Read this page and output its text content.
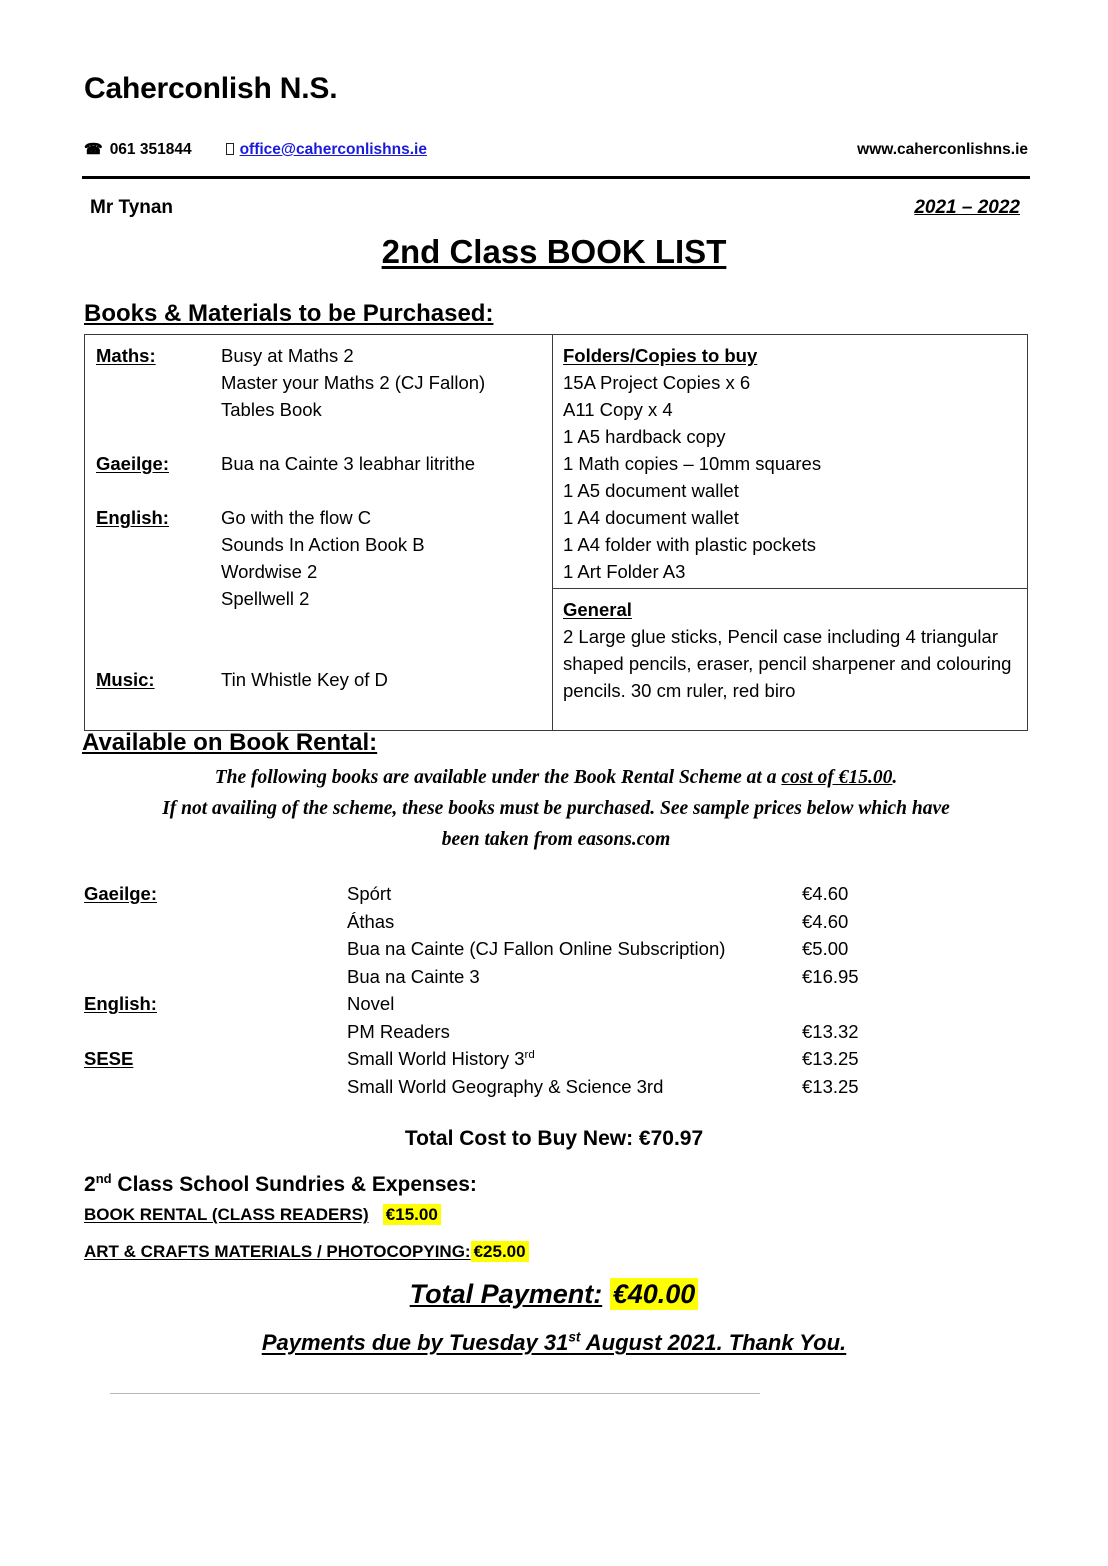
Caherconlish N.S.
☎ 061 351844	office@caherconlishns.ie	www.caherconlishns.ie
Mr Tynan	2021 – 2022
2nd Class BOOK LIST
Books & Materials to be Purchased:
Maths:	Busy at Maths 2
Master your Maths 2 (CJ Fallon)
Tables Book
Gaeilge:	Bua na Cainte 3 leabhar litrithe
English:	Go with the flow C
Sounds In Action Book B
Wordwise 2
Spellwell 2
Music:	Tin Whistle Key of D
Folders/Copies to buy
15A Project Copies x 6
A11 Copy x 4
1 A5 hardback copy
1 Math copies – 10mm squares
1 A5 document wallet
1 A4 document wallet
1 A4 folder with plastic pockets
1 Art Folder A3
General
2 Large glue sticks, Pencil case including 4 triangular shaped pencils, eraser, pencil sharpener and colouring pencils. 30 cm ruler, red biro
Available on Book Rental:
The following books are available under the Book Rental Scheme at a cost of €15.00.
If not availing of the scheme, these books must be purchased. See sample prices below which have
been taken from easons.com
Gaeilge:	Spórt	€4.60
Áthas	€4.60
Bua na Cainte (CJ Fallon Online Subscription)	€5.00
Bua na Cainte 3	€16.95
English:	Novel
PM Readers	€13.32
SESE	Small World History 3rd	€13.25
Small World Geography & Science 3rd	€13.25
Total Cost to Buy New: €70.97
2nd Class School Sundries & Expenses:
BOOK RENTAL (CLASS READERS) €15.00
ART & CRAFTS MATERIALS / PHOTOCOPYING: €25.00
Total Payment: €40.00
Payments due by Tuesday 31st August 2021. Thank You.
